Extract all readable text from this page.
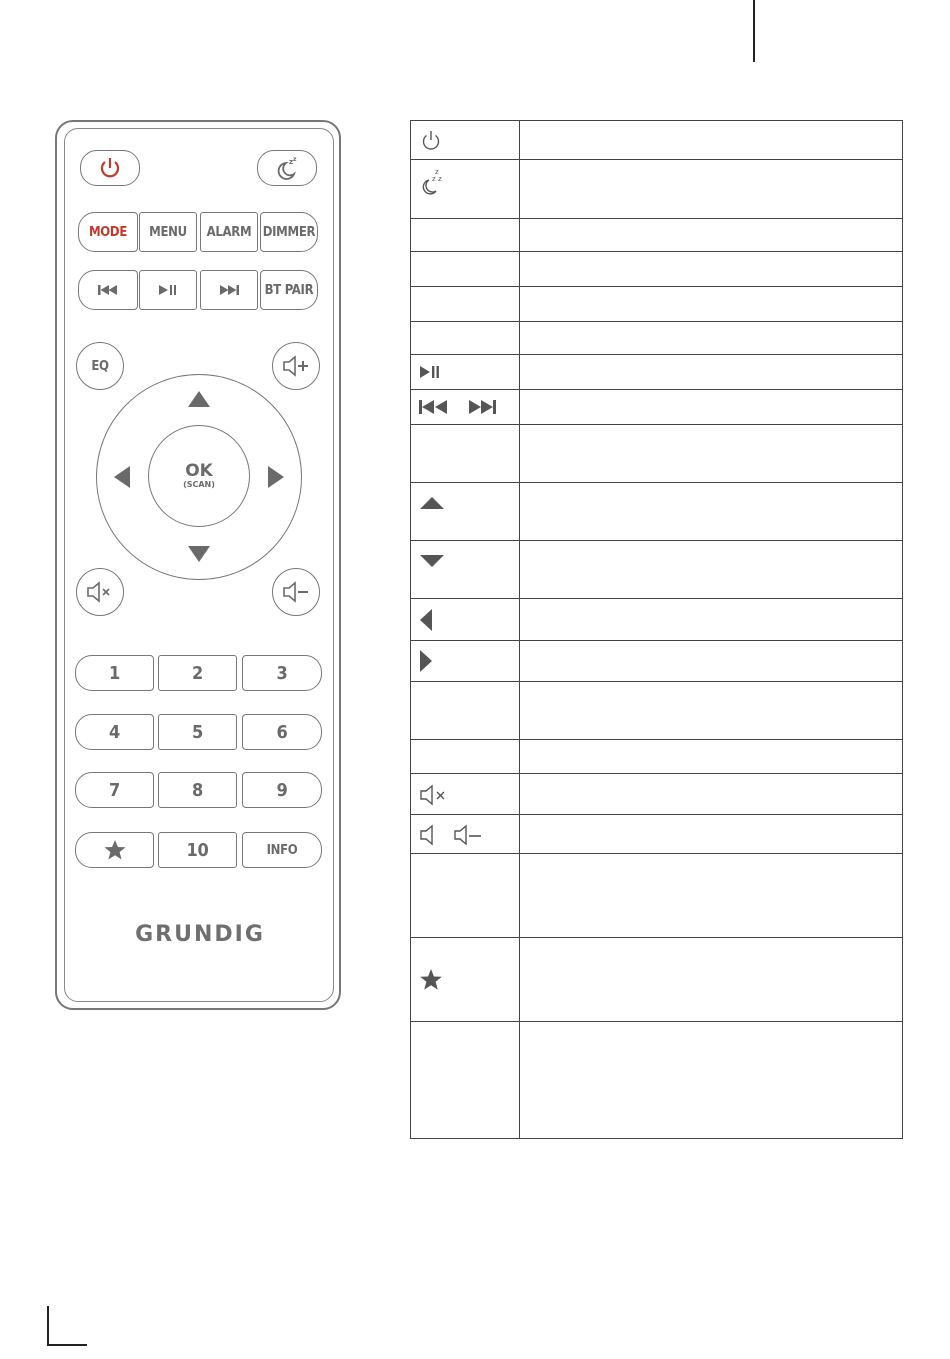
z z
MODE	MENU	ALARM DIMMER
BT PAIR
EQ
OK
(SCAN)
1	2	3
4	5	6
7	8	9
10	INFO
GRUNDIG

z z
z	
